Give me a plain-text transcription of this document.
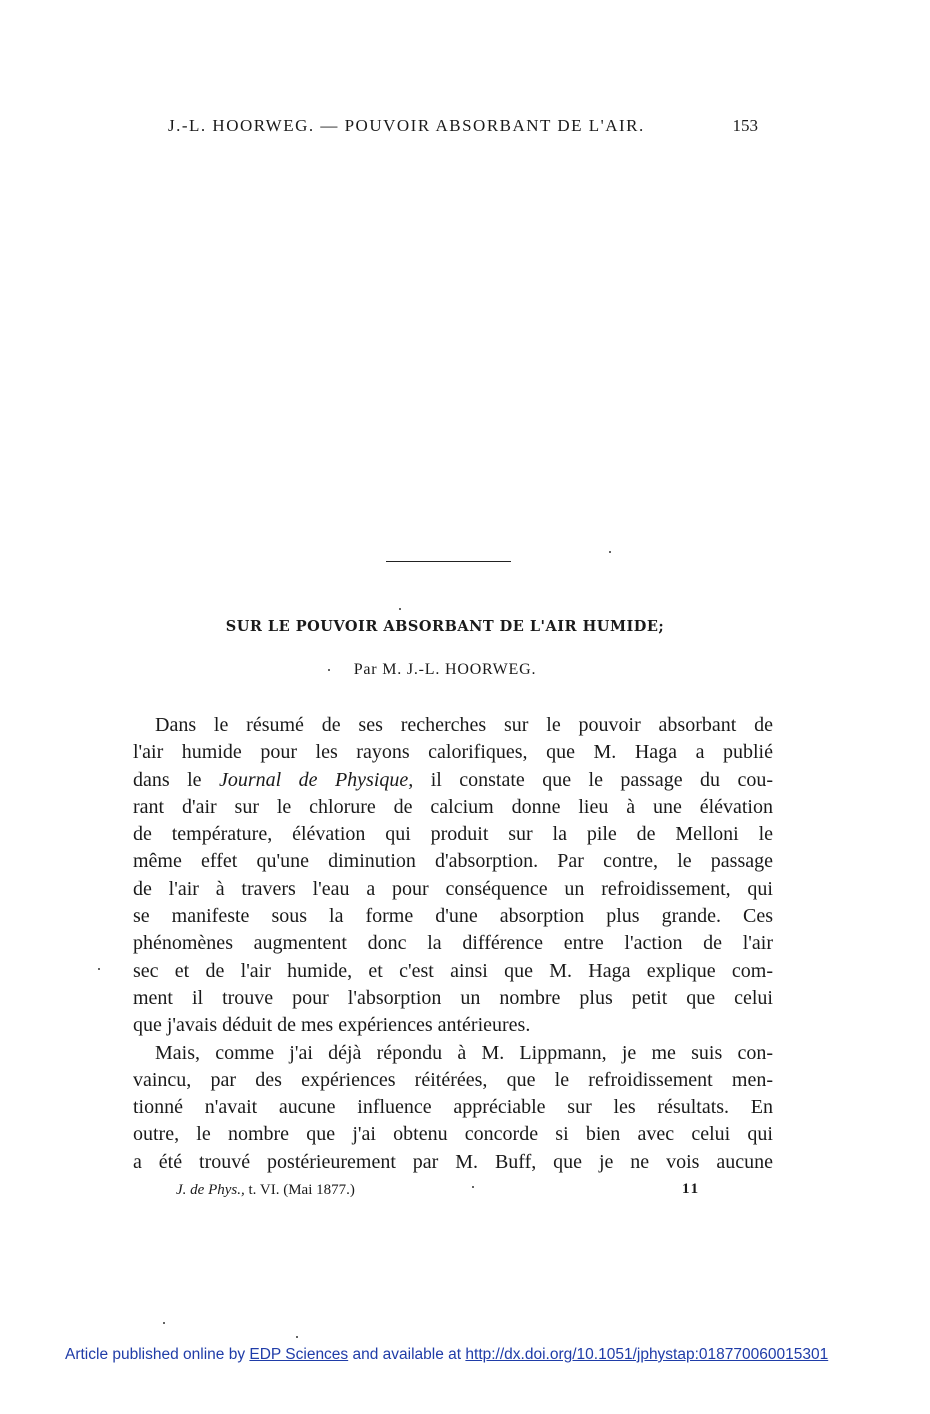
J.-L. HOORWEG. — POUVOIR ABSORBANT DE L'AIR.	153
SUR LE POUVOIR ABSORBANT DE L'AIR HUMIDE;
Par M. J.-L. HOORWEG.
Dans le résumé de ses recherches sur le pouvoir absorbant de
l'air humide pour les rayons calorifiques, que M. Haga a publié
dans le Journal de Physique, il constate que le passage du cou-
rant d'air sur le chlorure de calcium donne lieu à une élévation
de température, élévation qui produit sur la pile de Melloni le
même effet qu'une diminution d'absorption. Par contre, le passage
de l'air à travers l'eau a pour conséquence un refroidissement, qui
se manifeste sous la forme d'une absorption plus grande. Ces
phénomènes augmentent donc la différence entre l'action de l'air
sec et de l'air humide, et c'est ainsi que M. Haga explique com-
ment il trouve pour l'absorption un nombre plus petit que celui
que j'avais déduit de mes expériences antérieures.
Mais, comme j'ai déjà répondu à M. Lippmann, je me suis con-
vaincu, par des expériences réitérées, que le refroidissement men-
tionné n'avait aucune influence appréciable sur les résultats. En
outre, le nombre que j'ai obtenu concorde si bien avec celui qui
a été trouvé postérieurement par M. Buff, que je ne vois aucune
J. de Phys., t. VI. (Mai 1877.)	11
Article published online by EDP Sciences and available at http://dx.doi.org/10.1051/jphystap:018770060015301
